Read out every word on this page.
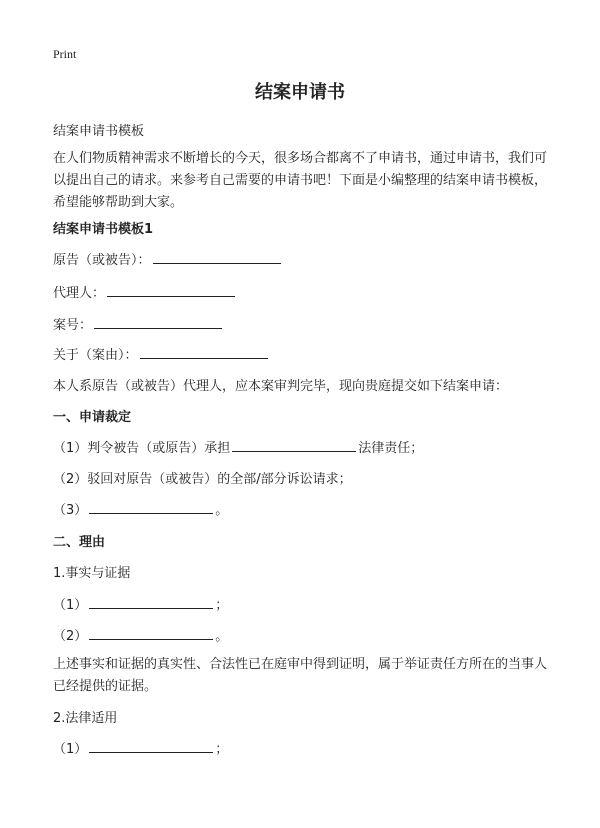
Print
结案申请书
结案申请书模板
在人们物质精神需求不断增长的今天，很多场合都离不了申请书，通过申请书，我们可以提出自己的请求。来参考自己需要的申请书吧！下面是小编整理的结案申请书模板，希望能够帮助到大家。
结案申请书模板1
原告（或被告）：
代理人：
案号：
关于（案由）：
本人系原告（或被告）代理人，应本案审判完毕，现向贵庭提交如下结案申请：
一、申请裁定
（1）判令被告（或原告）承担	法律责任；
（2）驳回对原告（或被告）的全部/部分诉讼请求；
（3）	。
二、理由
1.事实与证据
（1）	；
（2）	。
上述事实和证据的真实性、合法性已在庭审中得到证明，属于举证责任方所在的当事人已经提供的证据。
2.法律适用
（1）	；
